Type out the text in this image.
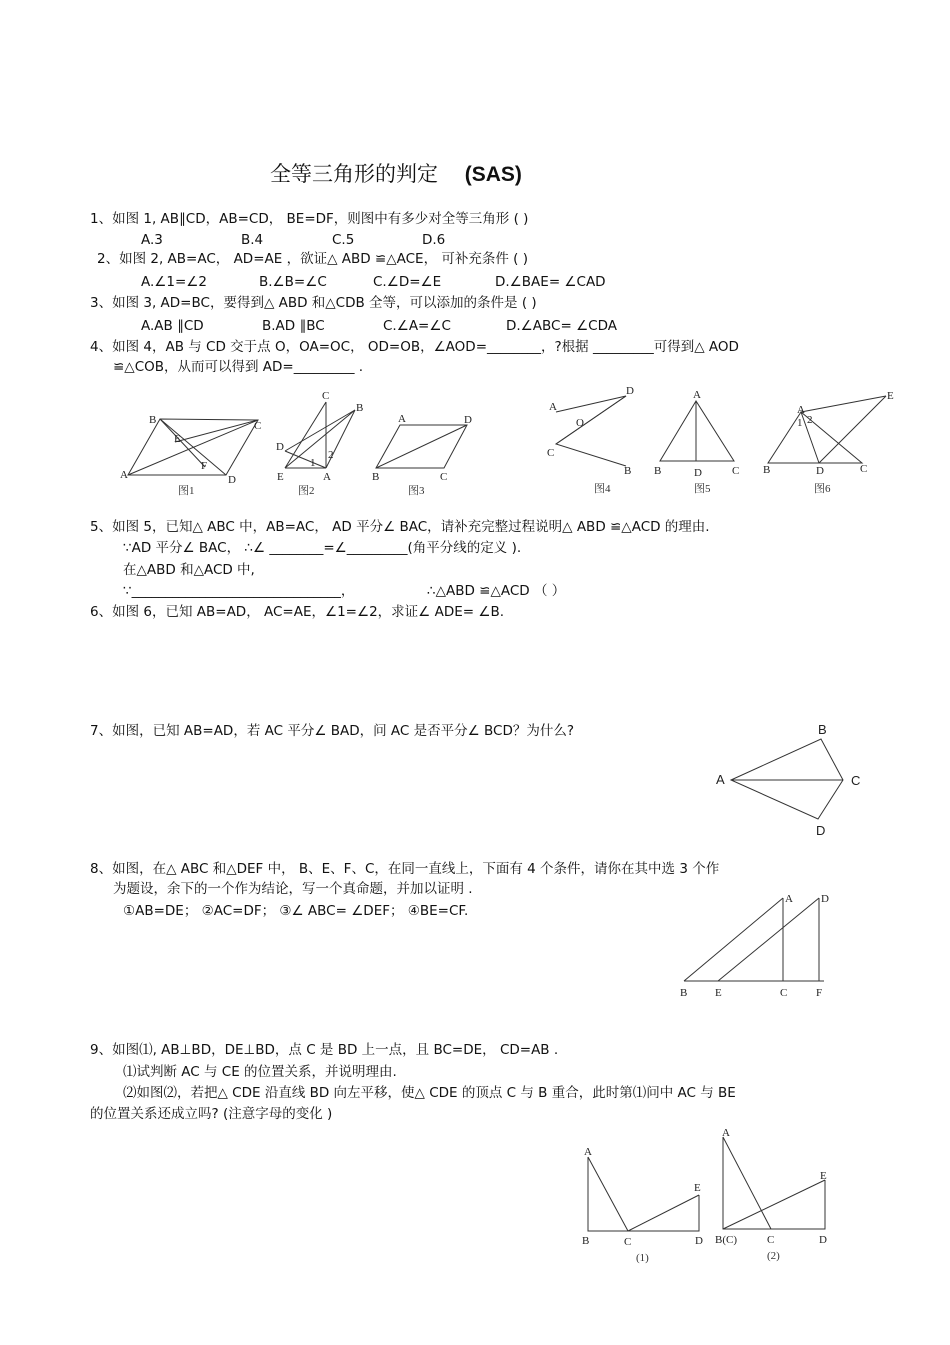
全等三角形的判定 (SAS)
1、如图 1, AB∥CD，AB=CD， BE=DF，则图中有多少对全等三角形 ( )
A.3	B.4	C.5	D.6
2、如图 2, AB=AC， AD=AE ，欲证△ ABD ≌△ACE， 可补充条件 ( )
A.∠1=∠2	B.∠B=∠C	C.∠D=∠E	D.∠BAE= ∠CAD
3、如图 3, AD=BC，要得到△ ABD 和△CDB 全等，可以添加的条件是 ( )
A.AB ∥CD	B.AD ∥BC	C.∠A=∠C	D.∠ABC= ∠CDA
4、如图 4，AB 与 CD 交于点 O，OA=OC， OD=OB，∠AOD=________，?根据 _________可得到△ AOD
≌△COB，从而可以得到 AD=_________ .
A
B	C
D
E
F
图1
C
B
D
E	A
1
2
图2
A
B	C
D
图3
A
D
O
C
B
图4
A
B	D	C
图5
A
E
1 2
B	D	C
图6
5、如图 5，已知△ ABC 中，AB=AC， AD 平分∠ BAC，请补充完整过程说明△ ABD ≌△ACD 的理由.
∵AD 平分∠ BAC， ∴∠ ________=∠_________(角平分线的定义 ).
在△ABD 和△ACD 中,
∵_______________________________，	∴△ABD ≌△ACD （ ）
6、如图 6，已知 AB=AD， AC=AE，∠1=∠2，求证∠ ADE= ∠B.
7、如图，已知 AB=AD，若 AC 平分∠ BAD，问 AC 是否平分∠ BCD？为什么?
A
B
C
D
8、如图，在△ ABC 和△DEF 中， B、E、F、C，在同一直线上，下面有 4 个条件，请你在其中选 3 个作
为题设，余下的一个作为结论，写一个真命题，并加以证明 .
①AB=DE； ②AC=DF； ③∠ ABC= ∠DEF； ④BE=CF.
A	D
B	E	C	F
9、如图⑴, AB⊥BD，DE⊥BD，点 C 是 BD 上一点，且 BC=DE， CD=AB .
⑴试判断 AC 与 CE 的位置关系，并说明理由.
⑵如图⑵，若把△ CDE 沿直线 BD 向左平移，使△ CDE 的顶点 C 与 B 重合，此时第⑴问中 AC 与 BE
的位置关系还成立吗? (注意字母的变化 )
A
B	C	D
E
(1)
A
B(C)	C	D
E
(2)
